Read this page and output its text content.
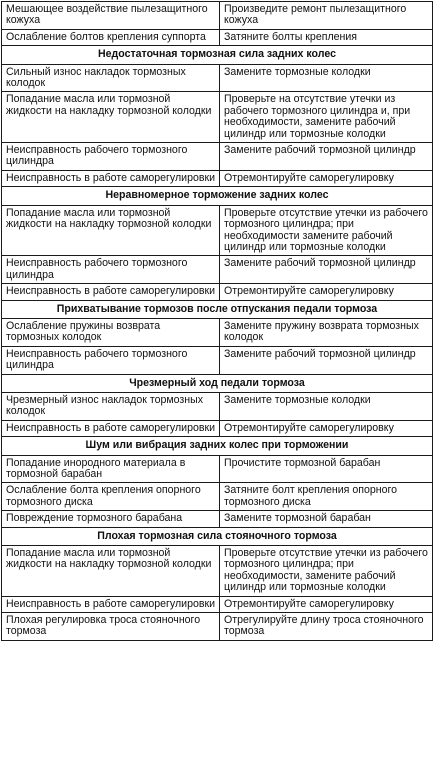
Мешающее воздействие пылезащитного кожуха	Произведите ремонт пылезащитного кожуха
Ослабление болтов крепления суппорта	Затяните болты крепления
Недостаточная тормозная сила задних колес	
Сильный износ накладок тормозных колодок	Замените тормозные колодки
Попадание масла или тормозной жидкости на накладку тормозной колодки	Проверьте на отсутствие утечки из рабочего тормозного цилиндра и, при необходимости, замените рабочий цилиндр или тормозные колодки
Неисправность рабочего тормозного цилиндра	Замените рабочий тормозной цилиндр
Неисправность в работе саморегулировки	Отремонтируйте саморегулировку
Неравномерное торможение задних колес	
Попадание масла или тормозной жидкости на накладку тормозной колодки	Проверьте отсутствие утечки из рабочего тормозного цилиндра; при необходимости замените рабочий цилиндр или тормозные колодки
Неисправность рабочего тормозного цилиндра	Замените рабочий тормозной цилиндр
Неисправность в работе саморегулировки	Отремонтируйте саморегулировку
Прихватывание тормозов после отпускания педали тормоза	
Ослабление пружины возврата тормозных колодок	Замените пружину возврата тормозных колодок
Неисправность рабочего тормозного цилиндра	Замените рабочий тормозной цилиндр
Чрезмерный ход педали тормоза	
Чрезмерный износ накладок тормозных колодок	Замените тормозные колодки
Неисправность в работе саморегулировки	Отремонтируйте саморегулировку
Шум или вибрация задних колес при торможении	
Попадание инородного материала в тормозной барабан	Прочистите тормозной барабан
Ослабление болта крепления опорного тормозного диска	Затяните болт крепления опорного тормозного диска
Повреждение тормозного барабана	Замените тормозной барабан
Плохая тормозная сила стояночного тормоза	
Попадание масла или тормозной жидкости на накладку тормозной колодки	Проверьте отсутствие утечки из рабочего тормозного цилиндра; при необходимости, замените рабочий цилиндр или тормозные колодки
Неисправность в работе саморегулировки	Отремонтируйте саморегулировку
Плохая регулировка троса стояночного тормоза	Отрегулируйте длину троса стояночного тормоза
